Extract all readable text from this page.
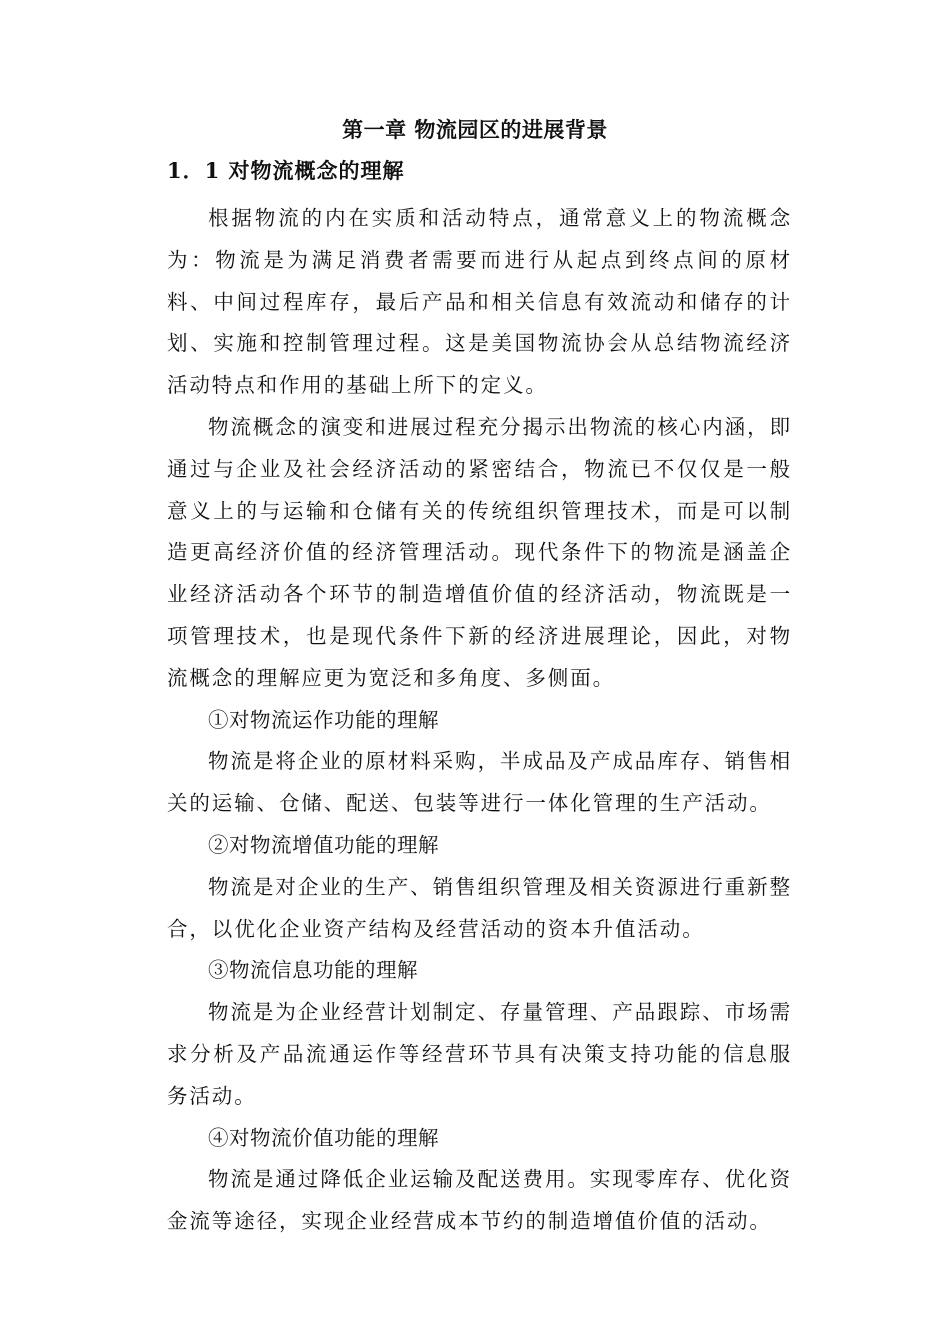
第一章 物流园区的进展背景
1．1 对物流概念的理解

根据物流的内在实质和活动特点，通常意义上的物流概念为：物流是为满足消费者需要而进行从起点到终点间的原材料、中间过程库存，最后产品和相关信息有效流动和储存的计划、实施和控制管理过程。这是美国物流协会从总结物流经济活动特点和作用的基础上所下的定义。

物流概念的演变和进展过程充分揭示出物流的核心内涵，即通过与企业及社会经济活动的紧密结合，物流已不仅仅是一般意义上的与运输和仓储有关的传统组织管理技术，而是可以制造更高经济价值的经济管理活动。现代条件下的物流是涵盖企业经济活动各个环节的制造增值价值的经济活动，物流既是一项管理技术，也是现代条件下新的经济进展理论，因此，对物流概念的理解应更为宽泛和多角度、多侧面。

①对物流运作功能的理解

物流是将企业的原材料采购，半成品及产成品库存、销售相关的运输、仓储、配送、包装等进行一体化管理的生产活动。

②对物流增值功能的理解

物流是对企业的生产、销售组织管理及相关资源进行重新整合，以优化企业资产结构及经营活动的资本升值活动。

③物流信息功能的理解

物流是为企业经营计划制定、存量管理、产品跟踪、市场需求分析及产品流通运作等经营环节具有决策支持功能的信息服务活动。

④对物流价值功能的理解

物流是通过降低企业运输及配送费用。实现零库存、优化资金流等途径，实现企业经营成本节约的制造增值价值的活动。
